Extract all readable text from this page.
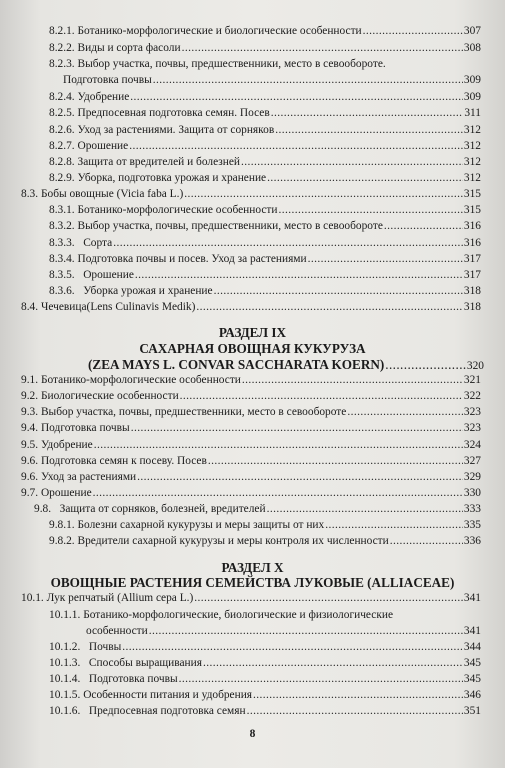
8.2.1. Ботанико-морфологические и биологические особенности .....	307
8.2.2. Виды и сорта фасоли .....	308
8.2.3. Выбор участка, почвы, предшественники, место в севообороте.
Подготовка почвы .....	309
8.2.4. Удобрение .....	309
8.2.5. Предпосевная подготовка семян. Посев .....	311
8.2.6. Уход за растениями. Защита от сорняков .....	312
8.2.7. Орошение .....	312
8.2.8. Защита от вредителей и болезней .....	312
8.2.9. Уборка, подготовка урожая и хранение .....	312
8.3. Бобы овощные (Vicia faba L.) .....	315
8.3.1. Ботанико-морфологические особенности .....	315
8.3.2. Выбор участка, почвы, предшественники, место в севообороте .....	316
8.3.3. Сорта .....	316
8.3.4. Подготовка почвы и посев. Уход за растениями .....	317
8.3.5. Орошение .....	317
8.3.6. Уборка урожая и хранение .....	318
8.4. Чечевица(Lens Culinavis Medik) .....	318
РАЗДЕЛ IX
САХАРНАЯ ОВОЩНАЯ КУКУРУЗА
(ZEA MAYS L. CONVAR SACCHARATA KOERN) .....	320
9.1. Ботанико-морфологические особенности .....	321
9.2. Биологические особенности .....	322
9.3. Выбор участка, почвы, предшественники, место в севообороте .....	323
9.4. Подготовка почвы .....	323
9.5. Удобрение .....	324
9.6. Подготовка семян к посеву. Посев .....	327
9.6. Уход за растениями .....	329
9.7. Орошение .....	330
9.8. Защита от сорняков, болезней, вредителей .....	333
9.8.1. Болезни сахарной кукурузы и меры защиты от них .....	335
9.8.2. Вредители сахарной кукурузы и меры контроля их численности .....	336
РАЗДЕЛ X
ОВОЩНЫЕ РАСТЕНИЯ СЕМЕЙСТВА ЛУКОВЫЕ (ALLIACEAE)
10.1. Лук репчатый (Allium cepa L.) .....	341
10.1.1. Ботанико-морфологические, биологические и физиологические
особенности .....	341
10.1.2. Почвы .....	344
10.1.3. Способы выращивания .....	345
10.1.4. Подготовка почвы .....	345
10.1.5. Особенности питания и удобрения .....	346
10.1.6. Предпосевная подготовка семян .....	351
8
